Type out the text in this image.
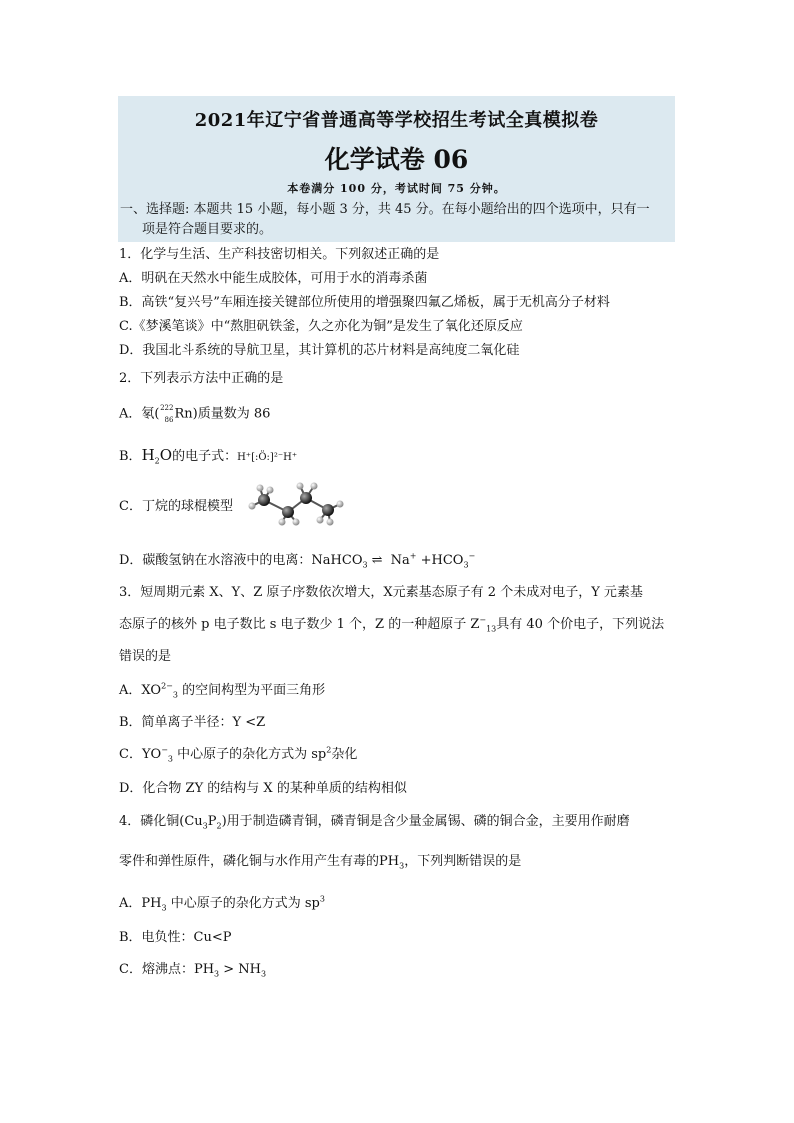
2021年辽宁省普通高等学校招生考试全真模拟卷
化学试卷 06
本卷满分 100 分，考试时间 75 分钟。
一、选择题: 本题共 15 小题，每小题 3 分，共 45 分。在每小题给出的四个选项中，只有一
项是符合题目要求的。
1．化学与生活、生产科技密切相关。下列叙述正确的是
A．明矾在天然水中能生成胶体，可用于水的消毒杀菌
B．高铁“复兴号”车厢连接关键部位所使用的增强聚四氟乙烯板，属于无机高分子材料
C.《梦溪笔谈》中“熬胆矾铁釜，久之亦化为铜”是发生了氧化还原反应
D．我国北斗系统的导航卫星，其计算机的芯片材料是高纯度二氧化硅
2．下列表示方法中正确的是
A．氡( 222
86 Rn)质量数为 86
B．$H_2O$的电子式：H⁺[:Ö:]²⁻H⁺
C．丁烷的球棍模型
D．碳酸氢钠在水溶液中的电离：NaHCO$_3$ ⇌ $Na^+ +HCO_3^-$
3．短周期元素 X、Y、Z 原子序数依次增大，X元素基态原子有 2 个未成对电子，Y 元素基
态原子的核外 p 电子数比 s 电子数少 1 个，Z 的一种超原子 $Z^-_{13}$具有 40 个价电子，下列说法
错误的是
A．$XO^{2-}_3$ 的空间构型为平面三角形
B．简单离子半径：Y <Z
C．$YO^-_3$ 中心原子的杂化方式为 $sp^2$杂化
D．化合物 ZY 的结构与 X 的某种单质的结构相似
4．磷化铜$(Cu_3P_2)$用于制造磷青铜，磷青铜是含少量金属锡、磷的铜合金，主要用作耐磨
零件和弹性原件，磷化铜与水作用产生有毒的$PH_3$，下列判断错误的是
A．$PH_3$ 中心原子的杂化方式为 $sp^3$
B．电负性：Cu<P
C．熔沸点：$PH_3 > NH_3$
